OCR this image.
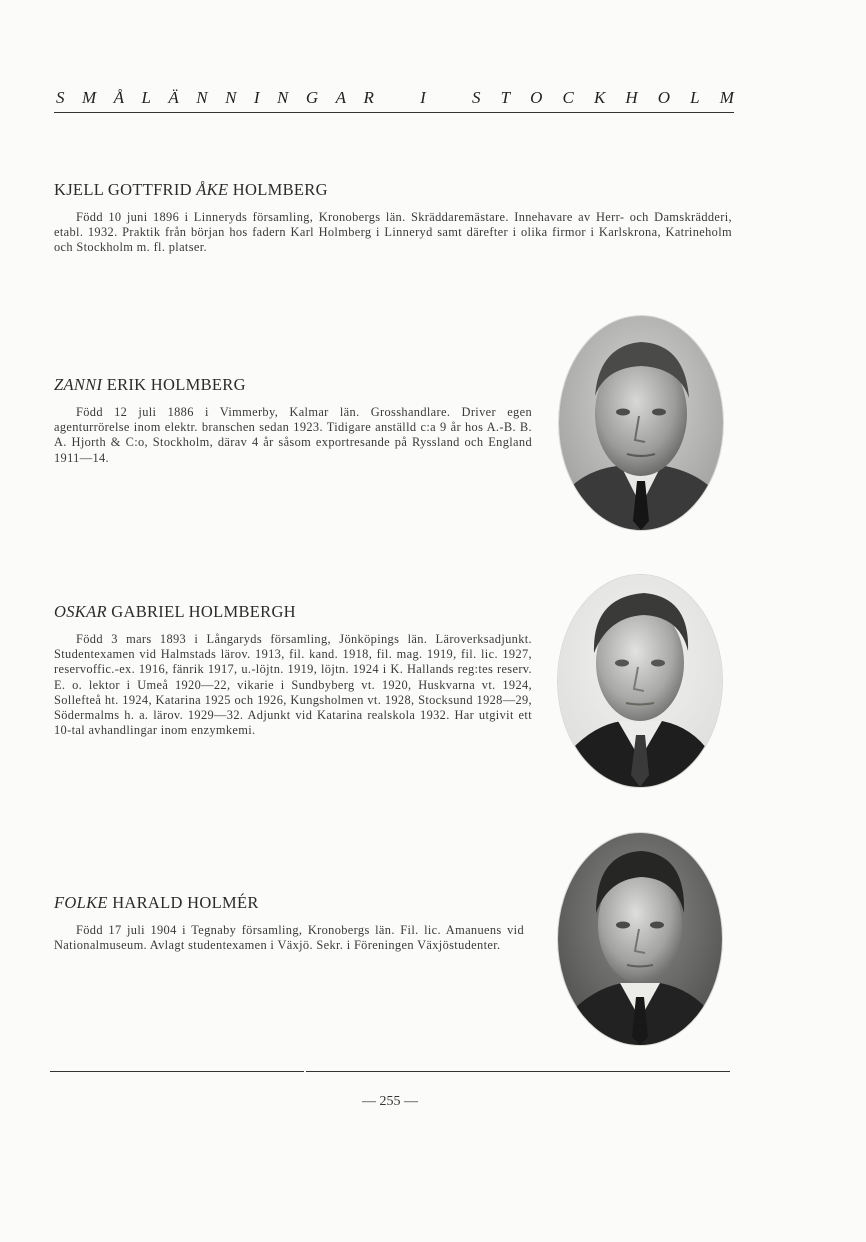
S M Å L Ä N N I N G A R	I	S T O C K H O L M
KJELL GOTTFRID ÅKE HOLMBERG

Född 10 juni 1896 i Linneryds församling, Kronobergs län. Skräddaremästare. Innehavare av Herr- och Damskrädderi, etabl. 1932. Praktik från början hos fadern Karl Holmberg i Linneryd samt därefter i olika firmor i Karlskrona, Katrineholm och Stockholm m. fl. platser.

ZANNI ERIK HOLMBERG

Född 12 juli 1886 i Vimmerby, Kalmar län. Grosshandlare. Driver egen agenturrörelse inom elektr. branschen sedan 1923. Tidigare anställd c:a 9 år hos A.-B. B. A. Hjorth & C:o, Stockholm, därav 4 år såsom exportresande på Ryssland och England 1911—14.

OSKAR GABRIEL HOLMBERGH

Född 3 mars 1893 i Långaryds församling, Jönköpings län. Läroverksadjunkt. Studentexamen vid Halmstads lärov. 1913, fil. kand. 1918, fil. mag. 1919, fil. lic. 1927, reservoffic.-ex. 1916, fänrik 1917, u.-löjtn. 1919, löjtn. 1924 i K. Hallands reg:tes reserv. E. o. lektor i Umeå 1920—22, vikarie i Sundbyberg vt. 1920, Huskvarna vt. 1924, Sollefteå ht. 1924, Katarina 1925 och 1926, Kungsholmen vt. 1928, Stocksund 1928—29, Södermalms h. a. lärov. 1929—32. Adjunkt vid Katarina realskola 1932. Har utgivit ett 10-tal avhandlingar inom enzymkemi.

FOLKE HARALD HOLMÉR

Född 17 juli 1904 i Tegnaby församling, Kronobergs län. Fil. lic. Amanuens vid Nationalmuseum. Avlagt studentexamen i Växjö. Sekr. i Föreningen Växjöstudenter.

— 255 —
